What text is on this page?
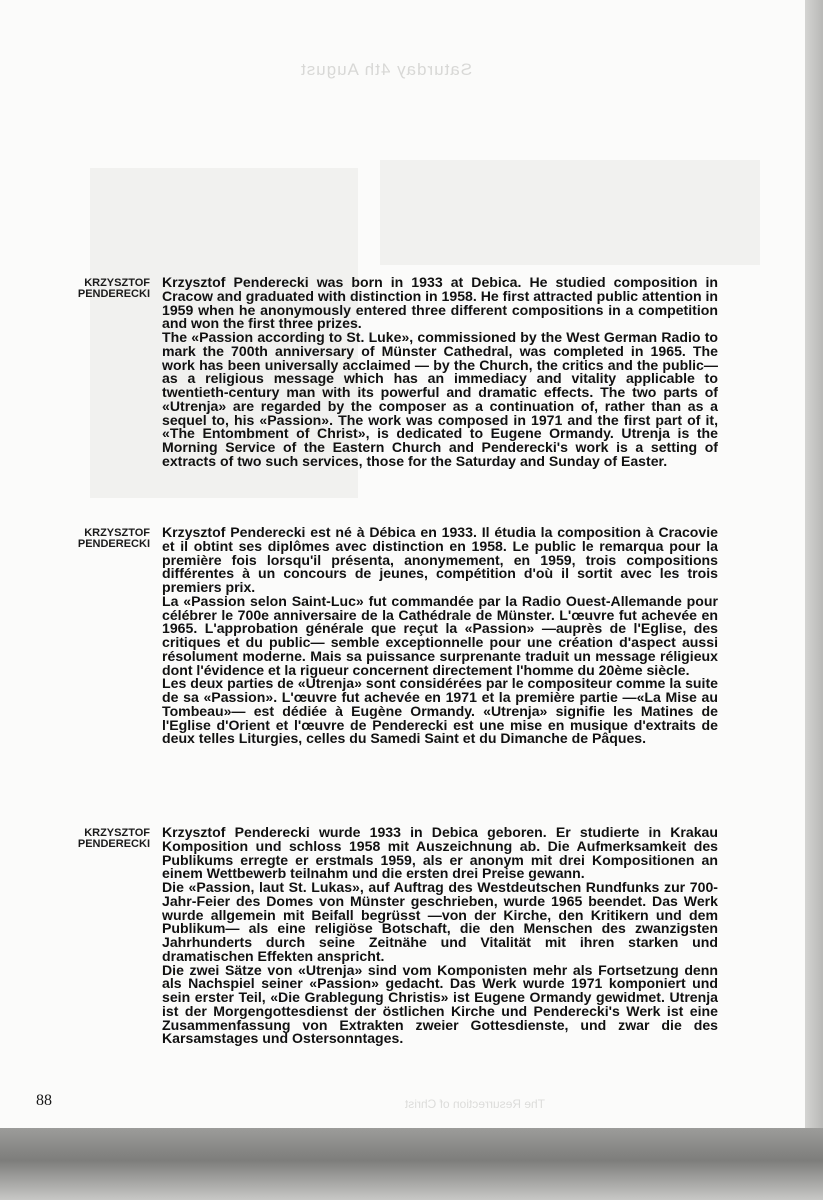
Saturday 4th August
The Resurrection of Christ
KRZYSZTOF PENDERECKI

Krzysztof Penderecki was born in 1933 at Debica. He studied composition in Cracow and graduated with distinction in 1958. He first attracted public attention in 1959 when he anonymously entered three different compositions in a competition and won the first three prizes.

The «Passion according to St. Luke», commissioned by the West German Radio to mark the 700th anniversary of Münster Cathedral, was completed in 1965. The work has been universally acclaimed — by the Church, the critics and the public— as a religious message which has an immediacy and vitality applicable to twentieth-century man with its powerful and dramatic effects. The two parts of «Utrenja» are regarded by the composer as a continuation of, rather than as a sequel to, his «Passion». The work was composed in 1971 and the first part of it, «The Entombment of Christ», is dedicated to Eugene Ormandy. Utrenja is the Morning Service of the Eastern Church and Penderecki's work is a setting of extracts of two such services, those for the Saturday and Sunday of Easter.

KRZYSZTOF PENDERECKI

Krzysztof Penderecki est né à Débica en 1933. Il étudia la composition à Cracovie et il obtint ses diplômes avec distinction en 1958. Le public le remarqua pour la première fois lorsqu'il présenta, anonymement, en 1959, trois compositions différentes à un concours de jeunes, compétition d'où il sortit avec les trois premiers prix.

La «Passion selon Saint-Luc» fut commandée par la Radio Ouest-Allemande pour célébrer le 700e anniversaire de la Cathédrale de Münster. L'œuvre fut achevée en 1965. L'approbation générale que reçut la «Passion» —auprès de l'Eglise, des critiques et du public— semble exceptionnelle pour une création d'aspect aussi résolument moderne. Mais sa puissance surprenante traduit un message réligieux dont l'évidence et la rigueur concernent directement l'homme du 20ème siècle.

Les deux parties de «Utrenja» sont considérées par le compositeur comme la suite de sa «Passion». L'œuvre fut achevée en 1971 et la première partie —«La Mise au Tombeau»— est dédiée à Eugène Ormandy. «Utrenja» signifie les Matines de l'Eglise d'Orient et l'œuvre de Penderecki est une mise en musique d'extraits de deux telles Liturgies, celles du Samedi Saint et du Dimanche de Pâques.

KRZYSZTOF PENDERECKI

Krzysztof Penderecki wurde 1933 in Debica geboren. Er studierte in Krakau Komposition und schloss 1958 mit Auszeichnung ab. Die Aufmerksamkeit des Publikums erregte er erstmals 1959, als er anonym mit drei Kompositionen an einem Wettbewerb teilnahm und die ersten drei Preise gewann.

Die «Passion, laut St. Lukas», auf Auftrag des Westdeutschen Rundfunks zur 700-Jahr-Feier des Domes von Münster geschrieben, wurde 1965 beendet. Das Werk wurde allgemein mit Beifall begrüsst —von der Kirche, den Kritikern und dem Publikum— als eine religiöse Botschaft, die den Menschen des zwanzigsten Jahrhunderts durch seine Zeitnähe und Vitalität mit ihren starken und dramatischen Effekten anspricht.

Die zwei Sätze von «Utrenja» sind vom Komponisten mehr als Fortsetzung denn als Nachspiel seiner «Passion» gedacht. Das Werk wurde 1971 komponiert und sein erster Teil, «Die Grablegung Christis» ist Eugene Ormandy gewidmet. Utrenja ist der Morgengottesdienst der östlichen Kirche und Penderecki's Werk ist eine Zusammenfassung von Extrakten zweier Gottesdienste, und zwar die des Karsamstages und Ostersonntages.

88
